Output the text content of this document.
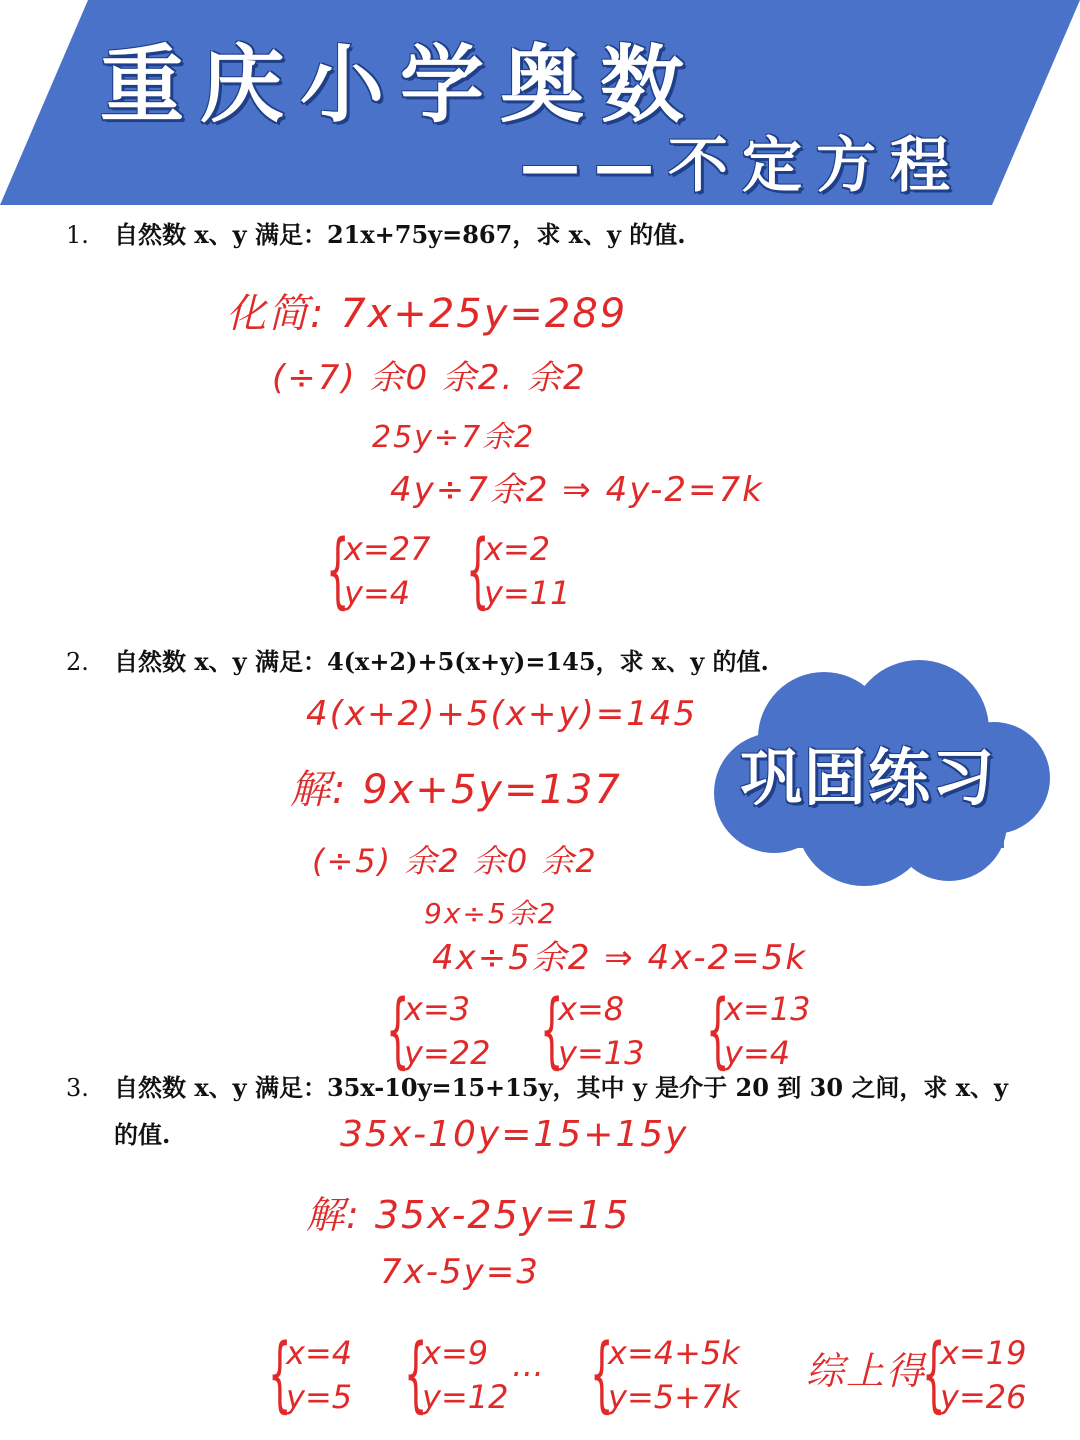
重庆小学奥数
——不定方程
1. 自然数 x、y 满足：21x+75y=867，求 x、y 的值.
化简: 7x+25y=289
(÷7) 余0 余2. 余2
25y÷7余2
4y÷7余2 ⇒ 4y-2=7k
{
x=27
y=4 {
x=2
y=11
2. 自然数 x、y 满足：4(x+2)+5(x+y)=145，求 x、y 的值.
4(x+2)+5(x+y)=145
解: 9x+5y=137
(÷5) 余2 余0 余2
9x÷5余2
4x÷5余2 ⇒ 4x-2=5k
{
x=3
y=22 {
x=8
y=13 {
x=13
y=4
巩固练习
3. 自然数 x、y 满足：35x-10y=15+15y，其中 y 是介于 20 到 30 之间，求 x、y
的值.	35x-10y=15+15y
解: 35x-25y=15
7x-5y=3
{
x=4
y=5 {
x=9
y=12
… {
x=4+5k
y=5+7k
综上得
{
x=19
y=26
